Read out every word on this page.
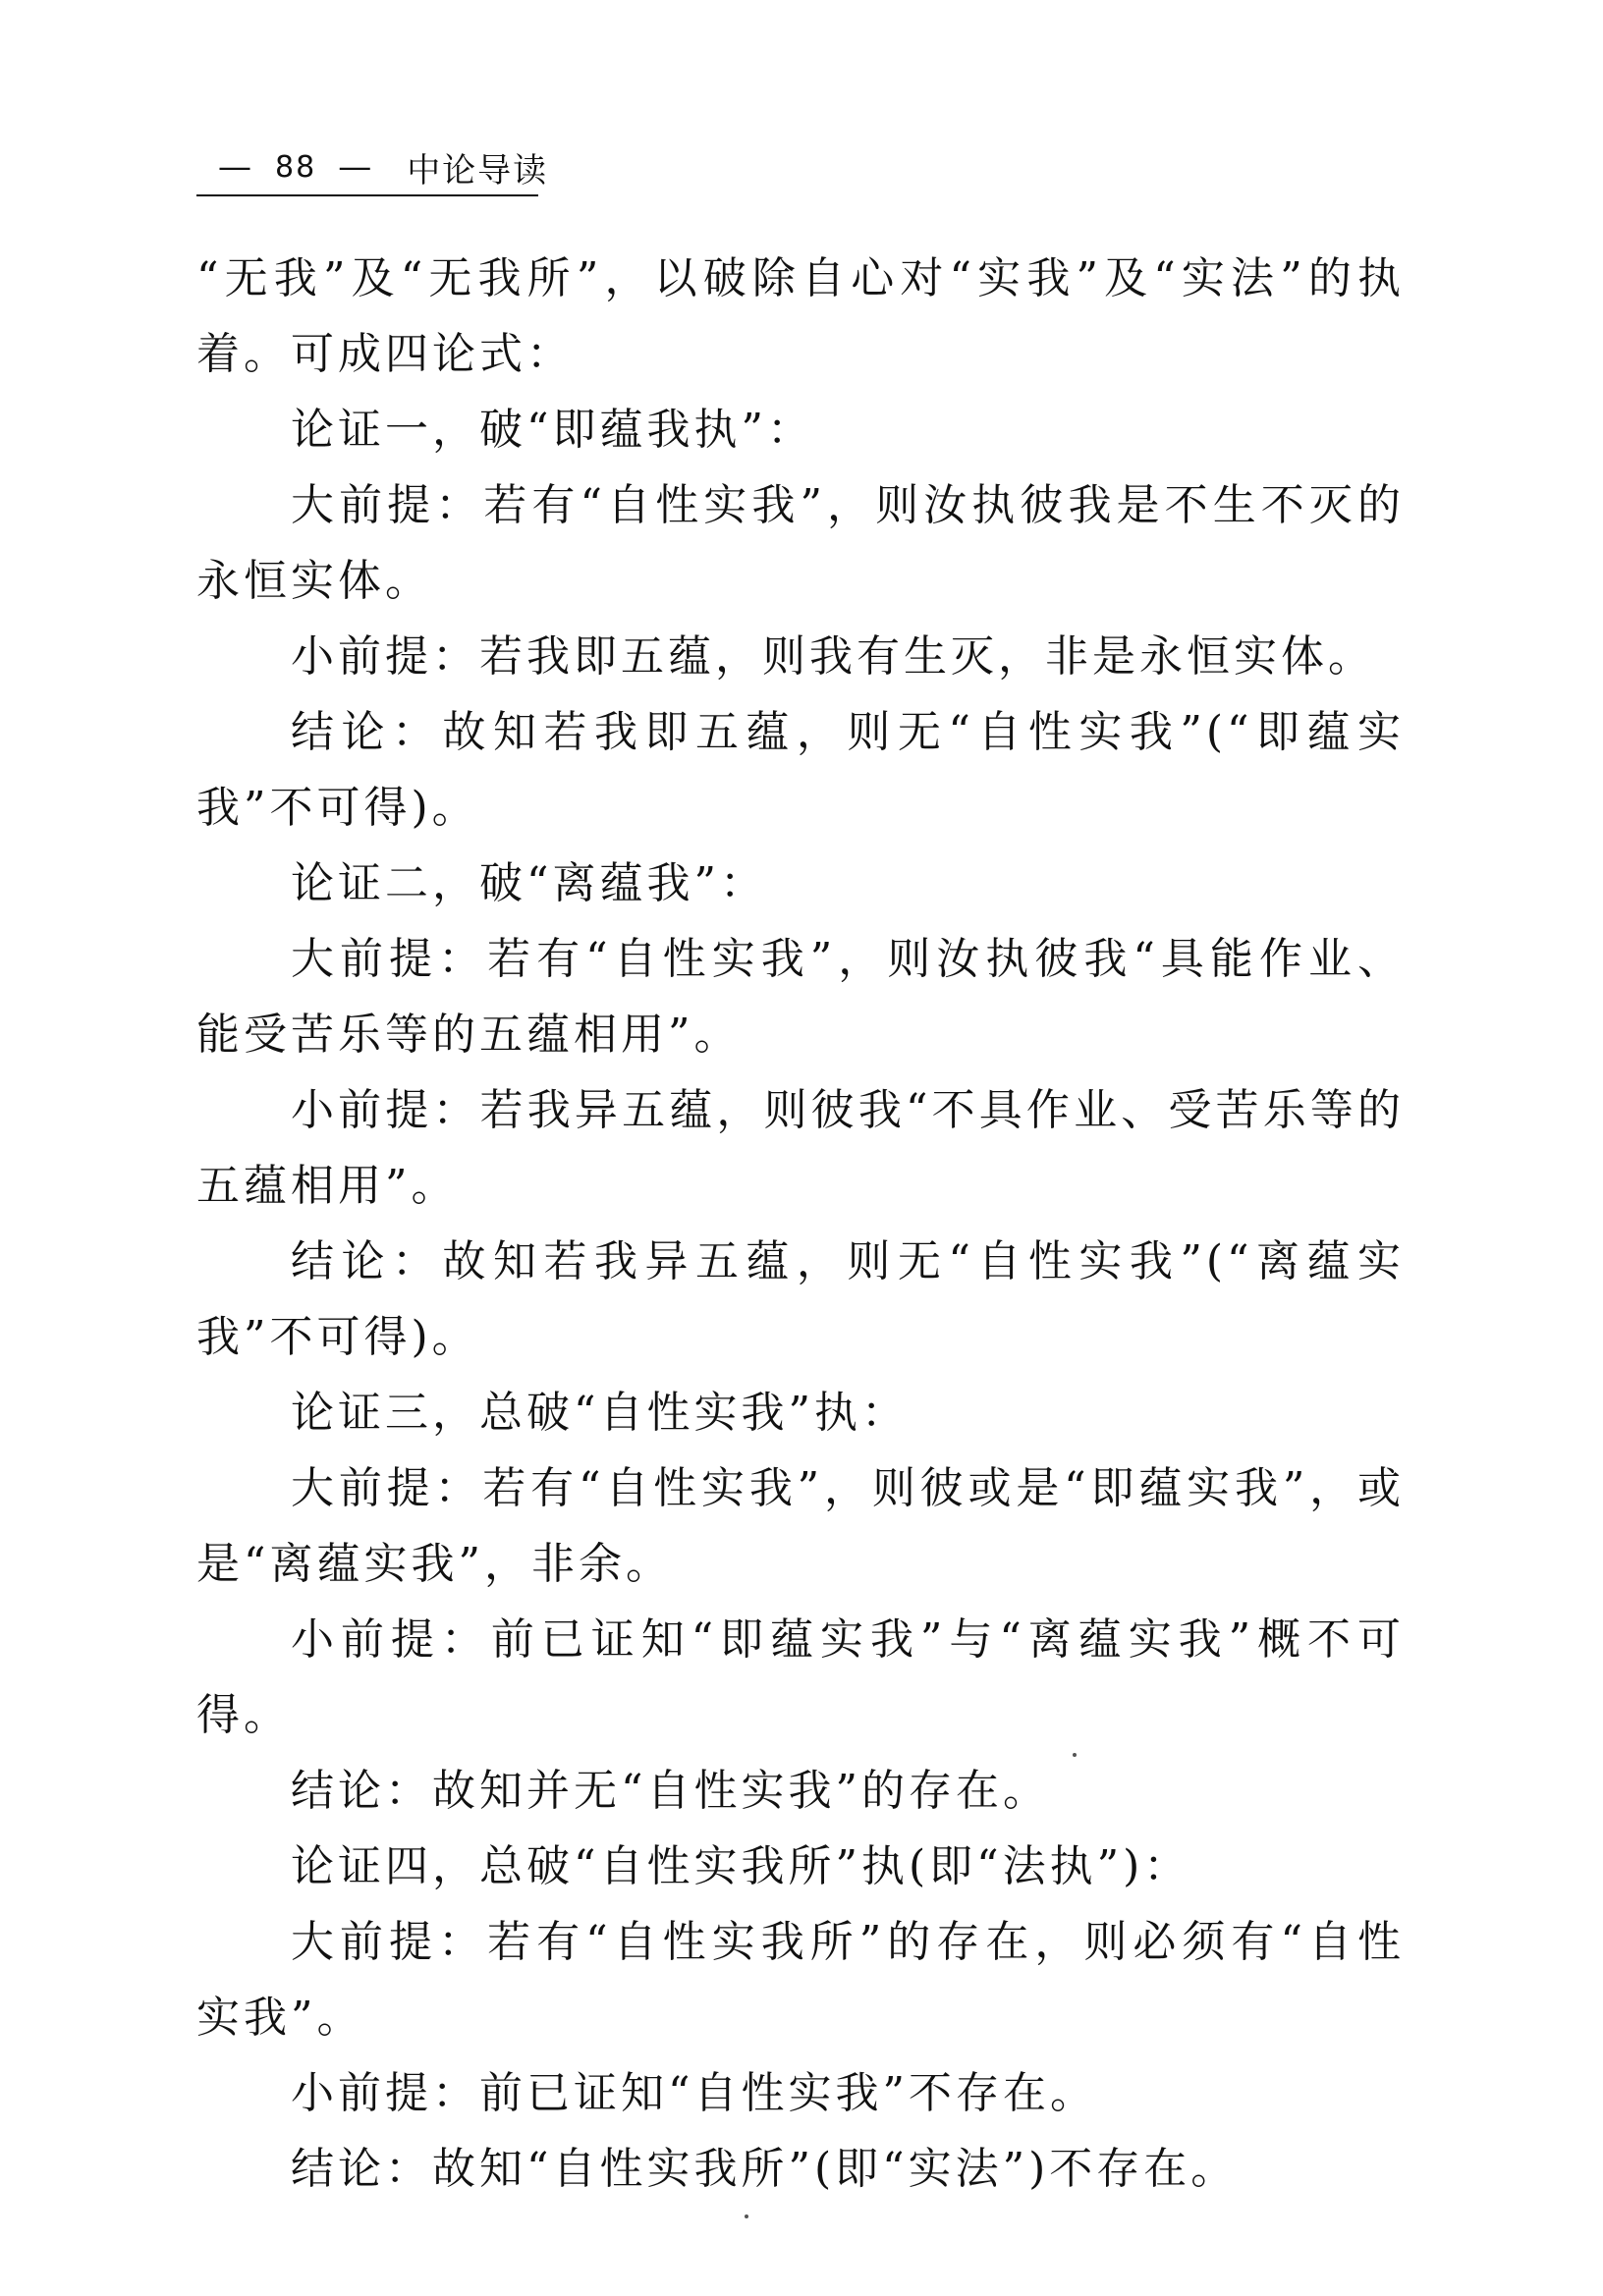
— 88 — 中论导读

“无我”及“无我所”，以破除自心对“实我”及“实法”的执着。可成四论式：

论证一，破“即蕴我执”：

大前提：若有“自性实我”，则汝执彼我是不生不灭的永恒实体。

小前提：若我即五蕴，则我有生灭，非是永恒实体。

结论：故知若我即五蕴，则无“自性实我”(“即蕴实我”不可得)。

论证二，破“离蕴我”：

大前提：若有“自性实我”，则汝执彼我“具能作业、能受苦乐等的五蕴相用”。

小前提：若我异五蕴，则彼我“不具作业、受苦乐等的五蕴相用”。

结论：故知若我异五蕴，则无“自性实我”(“离蕴实我”不可得)。

论证三，总破“自性实我”执：

大前提：若有“自性实我”，则彼或是“即蕴实我”，或是“离蕴实我”，非余。

小前提：前已证知“即蕴实我”与“离蕴实我”概不可得。

结论：故知并无“自性实我”的存在。

论证四，总破“自性实我所”执(即“法执”)：

大前提：若有“自性实我所”的存在，则必须有“自性实我”。

小前提：前已证知“自性实我”不存在。

结论：故知“自性实我所”(即“实法”)不存在。
